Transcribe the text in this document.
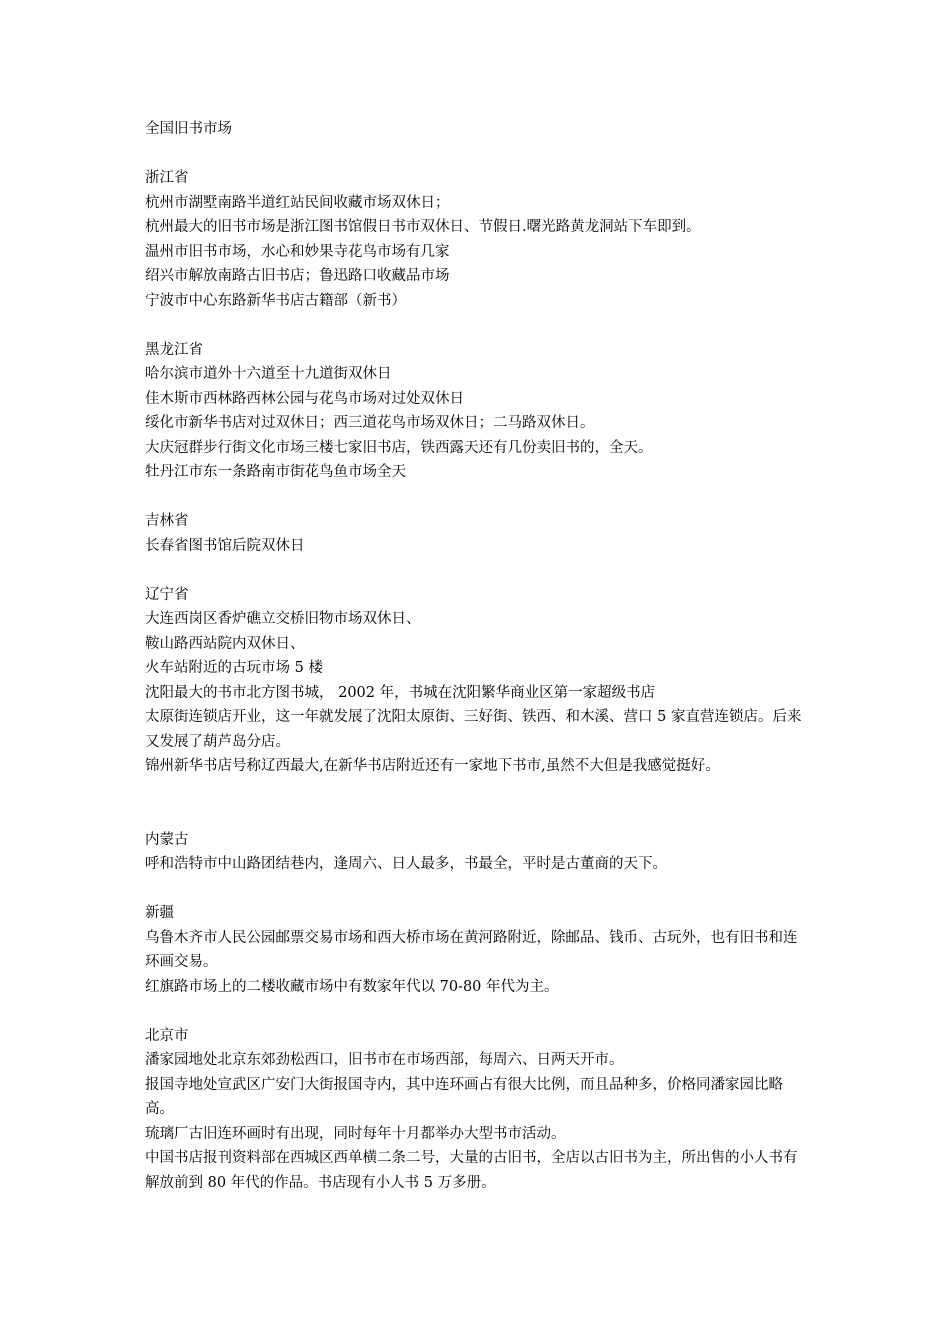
全国旧书市场
浙江省
杭州市湖墅南路半道红站民间收藏市场双休日；
杭州最大的旧书市场是浙江图书馆假日书市双休日、节假日.曙光路黄龙洞站下车即到。
温州市旧书市场，水心和妙果寺花鸟市场有几家
绍兴市解放南路古旧书店；鲁迅路口收藏品市场
宁波市中心东路新华书店古籍部（新书）
黑龙江省
哈尔滨市道外十六道至十九道街双休日
佳木斯市西林路西林公园与花鸟市场对过处双休日
绥化市新华书店对过双休日；西三道花鸟市场双休日；二马路双休日。
大庆冠群步行街文化市场三楼七家旧书店，铁西露天还有几份卖旧书的，全天。
牡丹江市东一条路南市街花鸟鱼市场全天
吉林省
长春省图书馆后院双休日
辽宁省
大连西岗区香炉礁立交桥旧物市场双休日、
鞍山路西站院内双休日、
火车站附近的古玩市场 5 楼
沈阳最大的书市北方图书城， 2002 年，书城在沈阳繁华商业区第一家超级书店
太原街连锁店开业，这一年就发展了沈阳太原街、三好街、铁西、和木溪、营口 5 家直营连锁店。后来又发展了葫芦岛分店。
锦州新华书店号称辽西最大,在新华书店附近还有一家地下书市,虽然不大但是我感觉挺好。
内蒙古
呼和浩特市中山路团结巷内，逢周六、日人最多，书最全，平时是古董商的天下。
新疆
乌鲁木齐市人民公园邮票交易市场和西大桥市场在黄河路附近，除邮品、钱币、古玩外，也有旧书和连环画交易。
红旗路市场上的二楼收藏市场中有数家年代以 70-80 年代为主。
北京市
潘家园地处北京东郊劲松西口，旧书市在市场西部，每周六、日两天开市。
报国寺地处宣武区广安门大街报国寺内，其中连环画占有很大比例，而且品种多，价格同潘家园比略高。
琉璃厂古旧连环画时有出现，同时每年十月都举办大型书市活动。
中国书店报刊资料部在西城区西单横二条二号，大量的古旧书，全店以古旧书为主，所出售的小人书有解放前到 80 年代的作品。书店现有小人书 5 万多册。
